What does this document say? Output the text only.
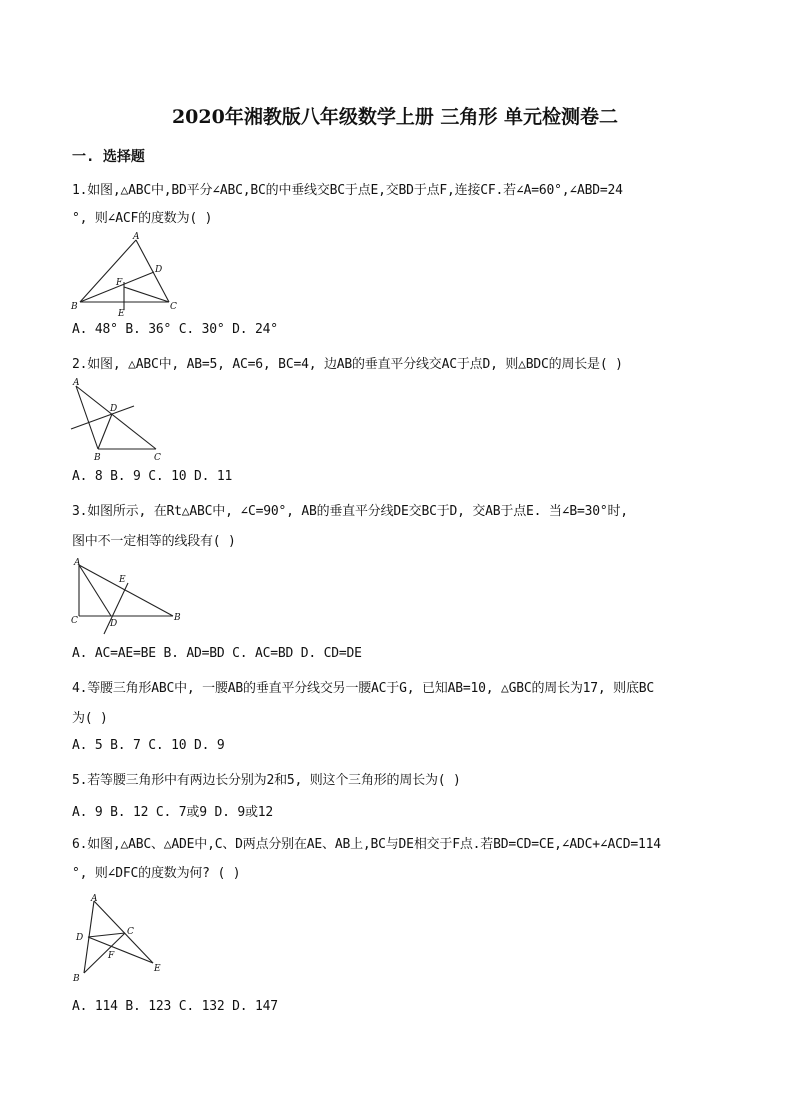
2020年湘教版八年级数学上册 三角形 单元检测卷二
一. 选择题
1.如图,△ABC中,BD平分∠ABC,BC的中垂线交BC于点E,交BD于点F,连接CF.若∠A=60°,∠ABD=24
°, 则∠ACF的度数为( )
A
B	C
D
E
F
A. 48° B. 36° C. 30° D. 24°
2.如图, △ABC中, AB=5, AC=6, BC=4, 边AB的垂直平分线交AC于点D, 则△BDC的周长是( )
A
B	C
D
A. 8 B. 9 C. 10 D. 11
3.如图所示, 在Rt△ABC中, ∠C=90°, AB的垂直平分线DE交BC于D, 交AB于点E. 当∠B=30°时,
图中不一定相等的线段有( )
A
C	B
D
E
A. AC=AE=BE B. AD=BD C. AC=BD D. CD=DE
4.等腰三角形ABC中, 一腰AB的垂直平分线交另一腰AC于G, 已知AB=10, △GBC的周长为17, 则底BC
为( )
A. 5 B. 7 C. 10 D. 9
5.若等腰三角形中有两边长分别为2和5, 则这个三角形的周长为( )
A. 9 B. 12 C. 7或9 D. 9或12
6.如图,△ABC、△ADE中,C、D两点分别在AE、AB上,BC与DE相交于F点.若BD=CD=CE,∠ADC+∠ACD=114
°, 则∠DFC的度数为何? ( )
A
D
C
F
B
E
A. 114 B. 123 C. 132 D. 147
